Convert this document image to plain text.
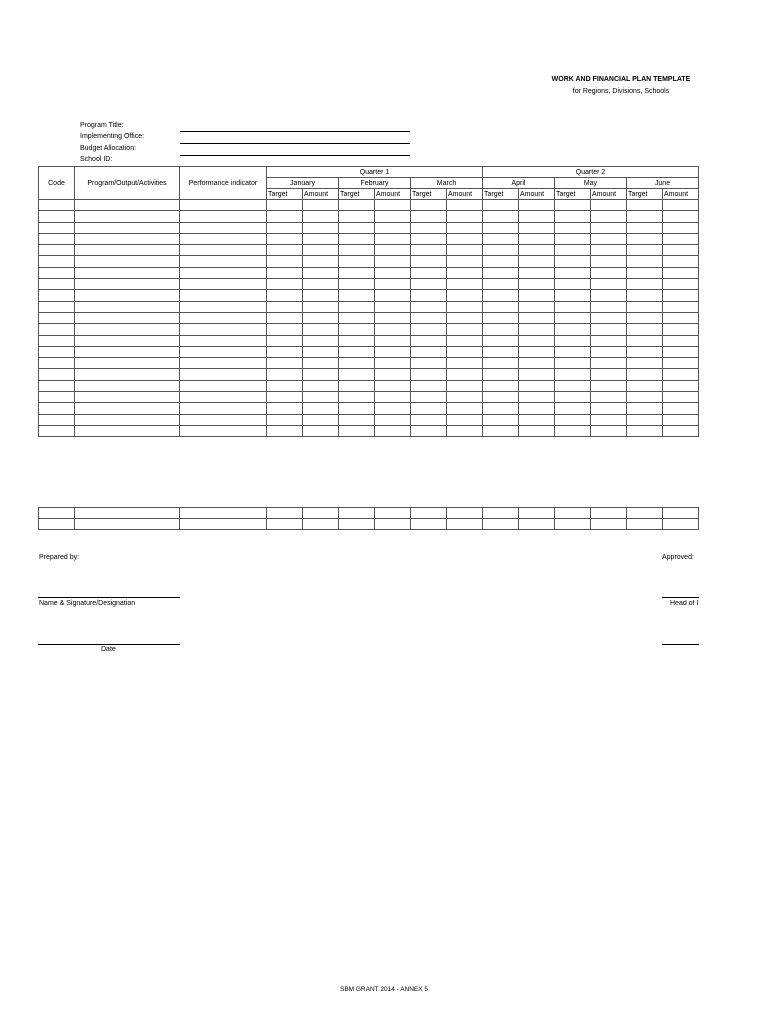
WORK AND FINANCIAL PLAN TEMPLATE
for Regions, Divisions, Schools
Program Title:
Implementing Office:
Budget Allocation:
School ID:
Code	Program/Output/Activities	Performance indicator	Quarter 1						Quarter 2					
			January		February		March		April		May		June	
			Target	Amount	Target	Amount	Target	Amount	Target	Amount	Target	Amount	Target	Amount

Prepared by:	Approved:
Name & Signature/Designation	Head of I
Date
SBM GRANT 2014 - ANNEX 5
